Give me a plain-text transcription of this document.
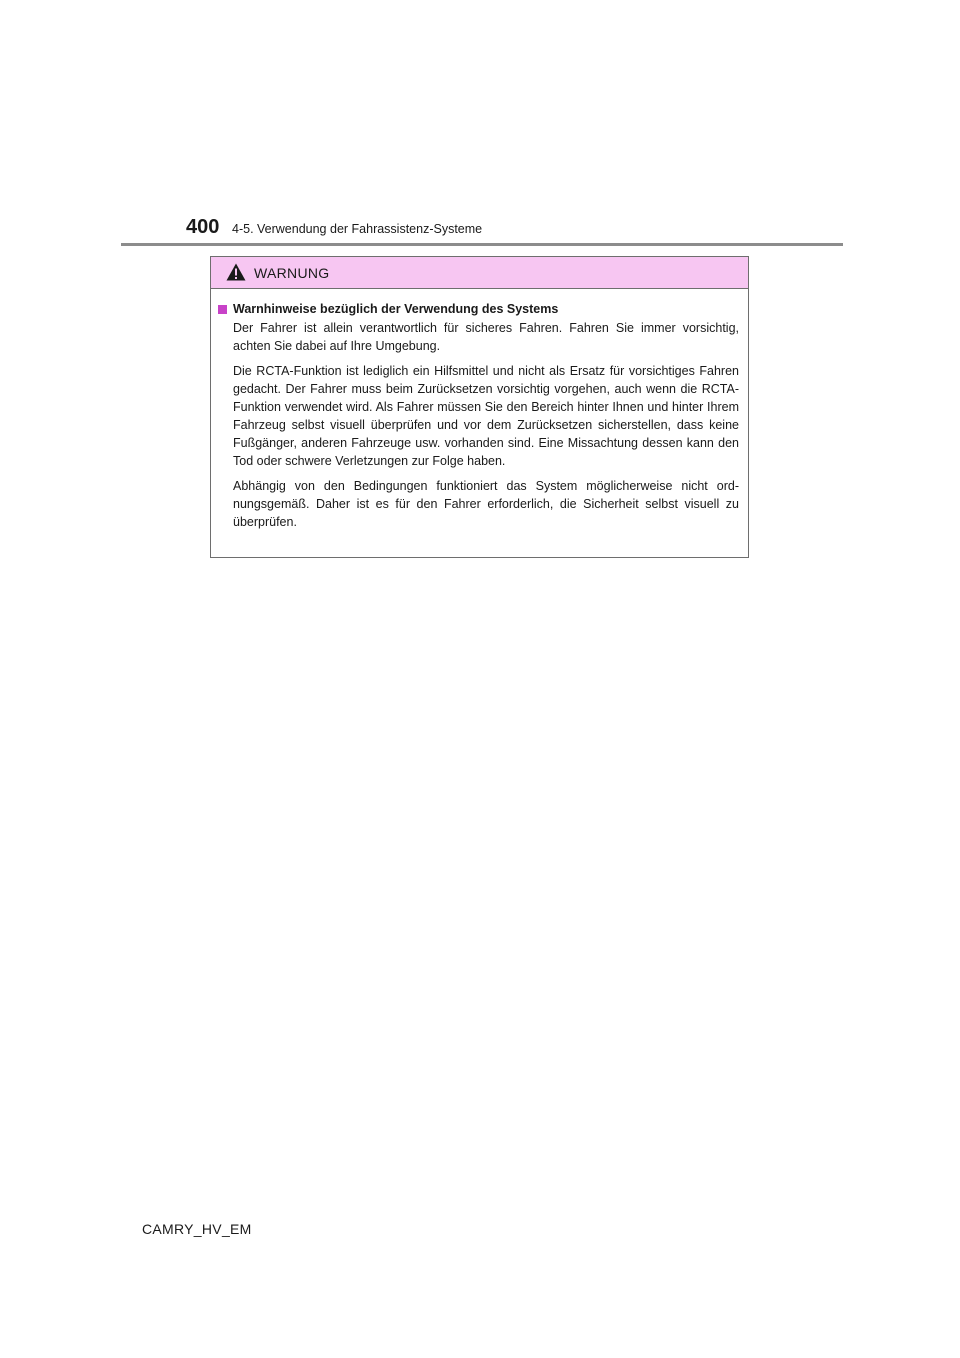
400 4-5. Verwendung der Fahrassistenz-Systeme
WARNUNG
Warnhinweise bezüglich der Verwendung des Systems

Der Fahrer ist allein verantwortlich für sicheres Fahren. Fahren Sie immer vorsichtig, achten Sie dabei auf Ihre Umgebung.

Die RCTA-Funktion ist lediglich ein Hilfsmittel und nicht als Ersatz für vorsichtiges Fahren gedacht. Der Fahrer muss beim Zurücksetzen vorsichtig vorgehen, auch wenn die RCTA-Funktion verwendet wird. Als Fahrer müssen Sie den Bereich hinter Ihnen und hinter Ihrem Fahrzeug selbst visuell überprüfen und vor dem Zurücksetzen sicherstellen, dass keine Fußgänger, anderen Fahrzeuge usw. vorhanden sind. Eine Missachtung dessen kann den Tod oder schwere Verletzungen zur Folge haben.

Abhängig von den Bedingungen funktioniert das System möglicherweise nicht ordnungsgemäß. Daher ist es für den Fahrer erforderlich, die Sicherheit selbst visuell zu überprüfen.

CAMRY_HV_EM
